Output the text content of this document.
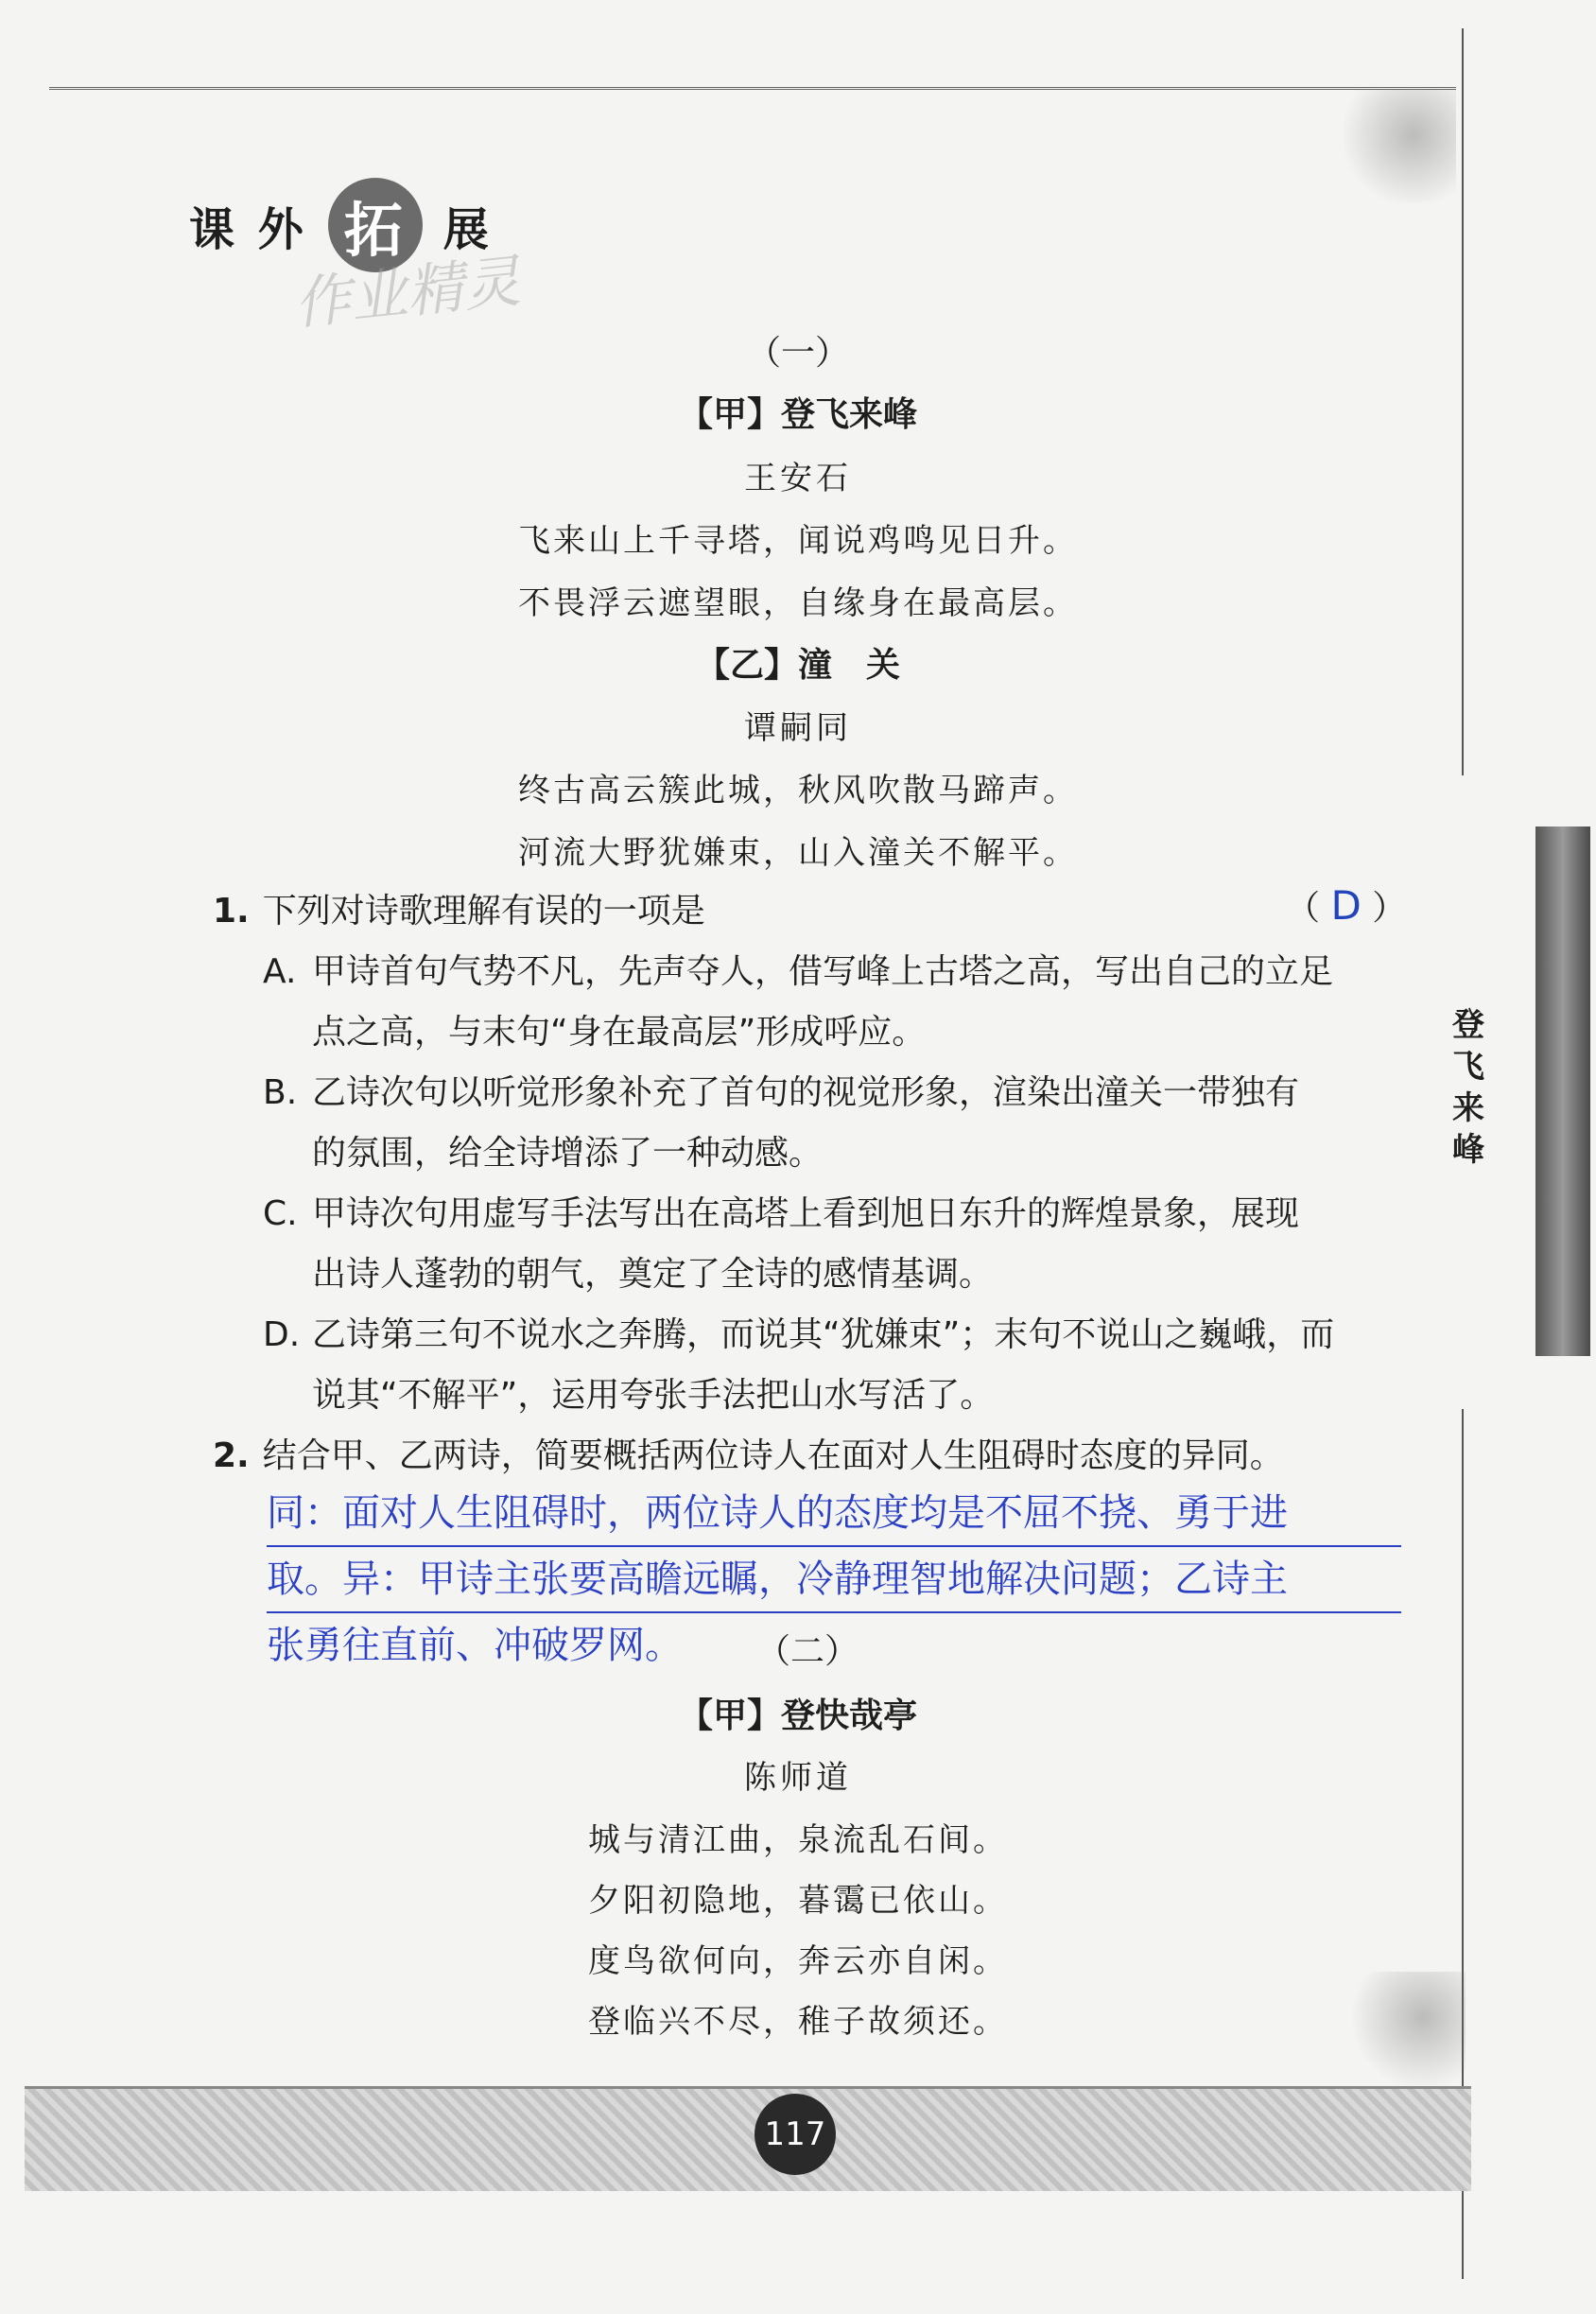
课 外 拓 展
作业精灵
（一）
【甲】登飞来峰
王安石
飞来山上千寻塔，闻说鸡鸣见日升。
不畏浮云遮望眼，自缘身在最高层。
【乙】潼　关
谭嗣同
终古高云簇此城，秋风吹散马蹄声。
河流大野犹嫌束，山入潼关不解平。
1. 下列对诗歌理解有误的一项是	（ D ）
A. 甲诗首句气势不凡，先声夺人，借写峰上古塔之高，写出自己的立足
点之高，与末句“身在最高层”形成呼应。
B. 乙诗次句以听觉形象补充了首句的视觉形象，渲染出潼关一带独有
的氛围，给全诗增添了一种动感。
C. 甲诗次句用虚写手法写出在高塔上看到旭日东升的辉煌景象，展现
出诗人蓬勃的朝气，奠定了全诗的感情基调。
D. 乙诗第三句不说水之奔腾，而说其“犹嫌束”；末句不说山之巍峨，而
说其“不解平”，运用夸张手法把山水写活了。
2. 结合甲、乙两诗，简要概括两位诗人在面对人生阻碍时态度的异同。
同：面对人生阻碍时，两位诗人的态度均是不屈不挠、勇于进
取。异：甲诗主张要高瞻远瞩，冷静理智地解决问题；乙诗主
张勇往直前、冲破罗网。	（二）
【甲】登快哉亭
陈师道
城与清江曲，泉流乱石间。
夕阳初隐地，暮霭已依山。
度鸟欲何向，奔云亦自闲。
登临兴不尽，稚子故须还。
登飞来峰
117
